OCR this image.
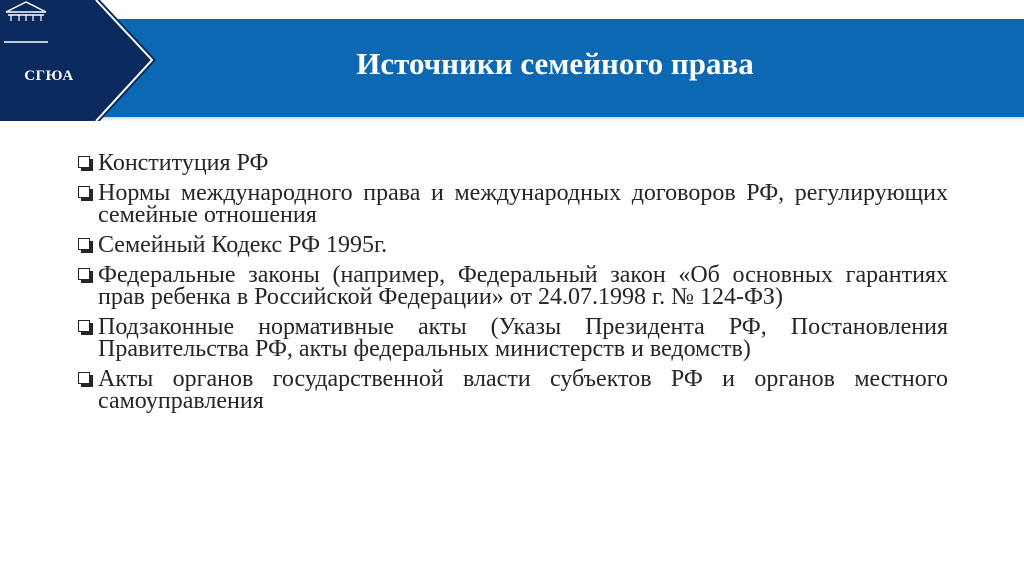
СГЮА	Источники семейного права
Конституция РФ
Нормы международного права и международных договоров РФ, регулирующих семейные отношения
Семейный Кодекс РФ 1995г.
Федеральные законы (например, Федеральный закон «Об основных гарантиях прав ребенка в Российской Федерации» от 24.07.1998 г. № 124-ФЗ)
Подзаконные нормативные акты (Указы Президента РФ, Постановления Правительства РФ, акты федеральных министерств и ведомств)
Акты органов государственной власти субъектов РФ и органов местного самоуправления
